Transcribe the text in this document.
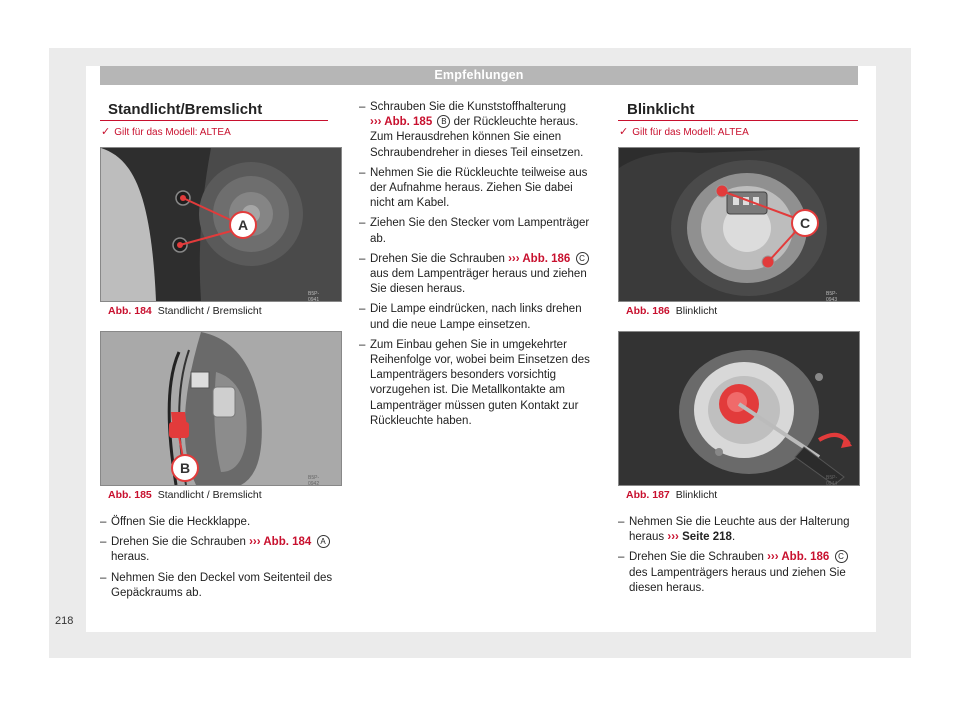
Empfehlungen
218
Standlicht/Bremslicht
✓ Gilt für das Modell: ALTEA
A
B5P-0941
Abb. 184 Standlicht / Bremslicht
B
B5P-0942
Abb. 185 Standlicht / Bremslicht
– Öffnen Sie die Heckklappe.
– Drehen Sie die Schrauben ››› Abb. 184 A
heraus.
– Nehmen Sie den Deckel vom Seitenteil des Gepäckraums ab.
– Schrauben Sie die Kunststoffhalterung
››› Abb. 185 B der Rückleuchte heraus. Zum Herausdrehen können Sie einen Schraubendreher in dieses Teil einsetzen.
– Nehmen Sie die Rückleuchte teilweise aus der Aufnahme heraus. Ziehen Sie dabei nicht am Kabel.
– Ziehen Sie den Stecker vom Lampenträger ab.
– Drehen Sie die Schrauben ››› Abb. 186 C aus dem Lampenträger heraus und ziehen Sie diesen heraus.
– Die Lampe eindrücken, nach links drehen und die neue Lampe einsetzen.
– Zum Einbau gehen Sie in umgekehrter Reihenfolge vor, wobei beim Einsetzen des Lampenträgers besonders vorsichtig vorzugehen ist. Die Metallkontakte am Lampenträger müssen guten Kontakt zur Rückleuchte haben.
Blinklicht
✓ Gilt für das Modell: ALTEA
C
B5P-0943
Abb. 186 Blinklicht
B5P-0944
Abb. 187 Blinklicht
– Nehmen Sie die Leuchte aus der Halterung heraus ››› Seite 218.
– Drehen Sie die Schrauben ››› Abb. 186 C des Lampenträgers heraus und ziehen Sie diesen heraus.
